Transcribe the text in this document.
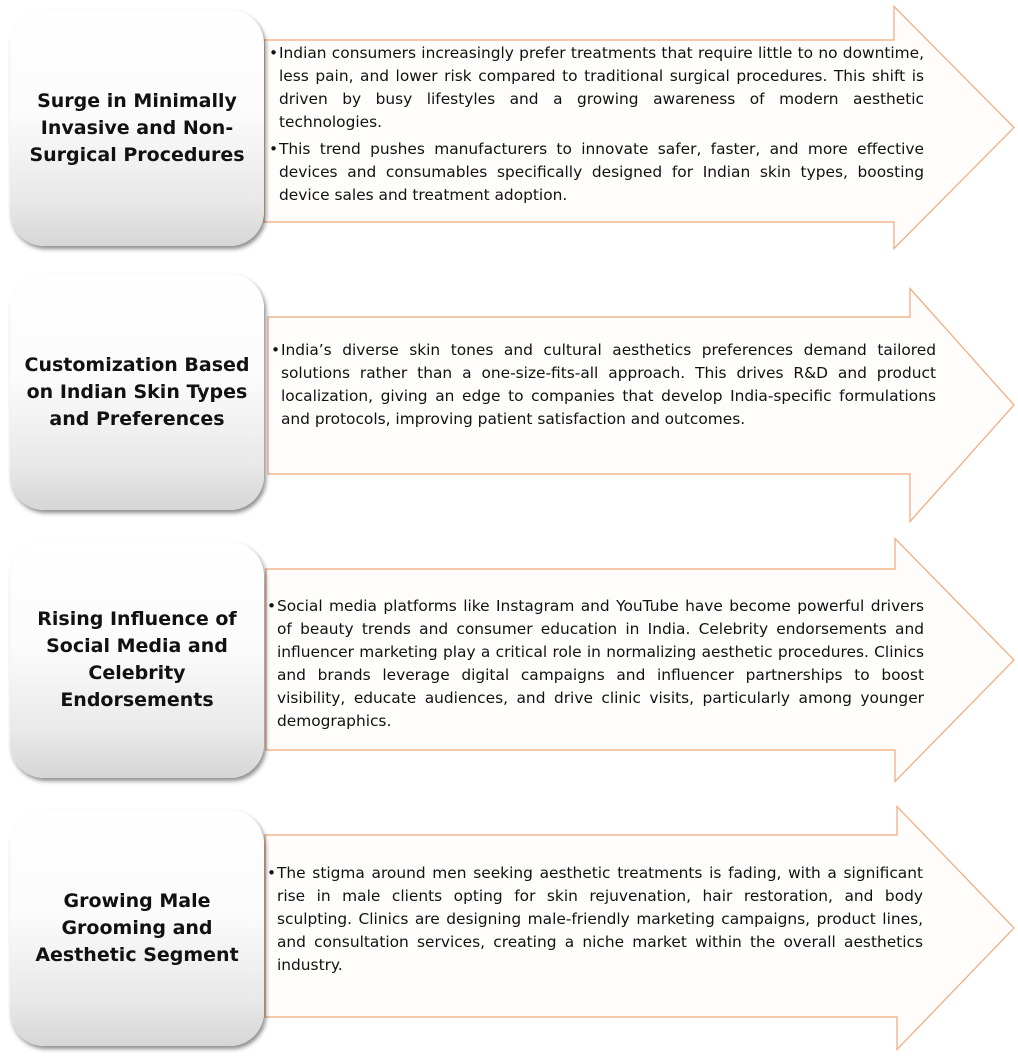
Surge in Minimally
Invasive and Non-
Surgical Procedures
• Indian consumers increasingly prefer treatments that require little to no downtime, less pain, and lower risk compared to traditional surgical procedures. This shift is driven by busy lifestyles and a growing awareness of modern aesthetic technologies.
• This trend pushes manufacturers to innovate safer, faster, and more effective devices and consumables specifically designed for Indian skin types, boosting device sales and treatment adoption.
Customization Based
on Indian Skin Types
and Preferences
• India’s diverse skin tones and cultural aesthetics preferences demand tailored solutions rather than a one-size-fits-all approach. This drives R&D and product localization, giving an edge to companies that develop India-specific formulations and protocols, improving patient satisfaction and outcomes.
Rising Influence of
Social Media and
Celebrity
Endorsements
• Social media platforms like Instagram and YouTube have become powerful drivers of beauty trends and consumer education in India. Celebrity endorsements and influencer marketing play a critical role in normalizing aesthetic procedures. Clinics and brands leverage digital campaigns and influencer partnerships to boost visibility, educate audiences, and drive clinic visits, particularly among younger demographics.
Growing Male
Grooming and
Aesthetic Segment
• The stigma around men seeking aesthetic treatments is fading, with a significant rise in male clients opting for skin rejuvenation, hair restoration, and body sculpting. Clinics are designing male-friendly marketing campaigns, product lines, and consultation services, creating a niche market within the overall aesthetics industry.
